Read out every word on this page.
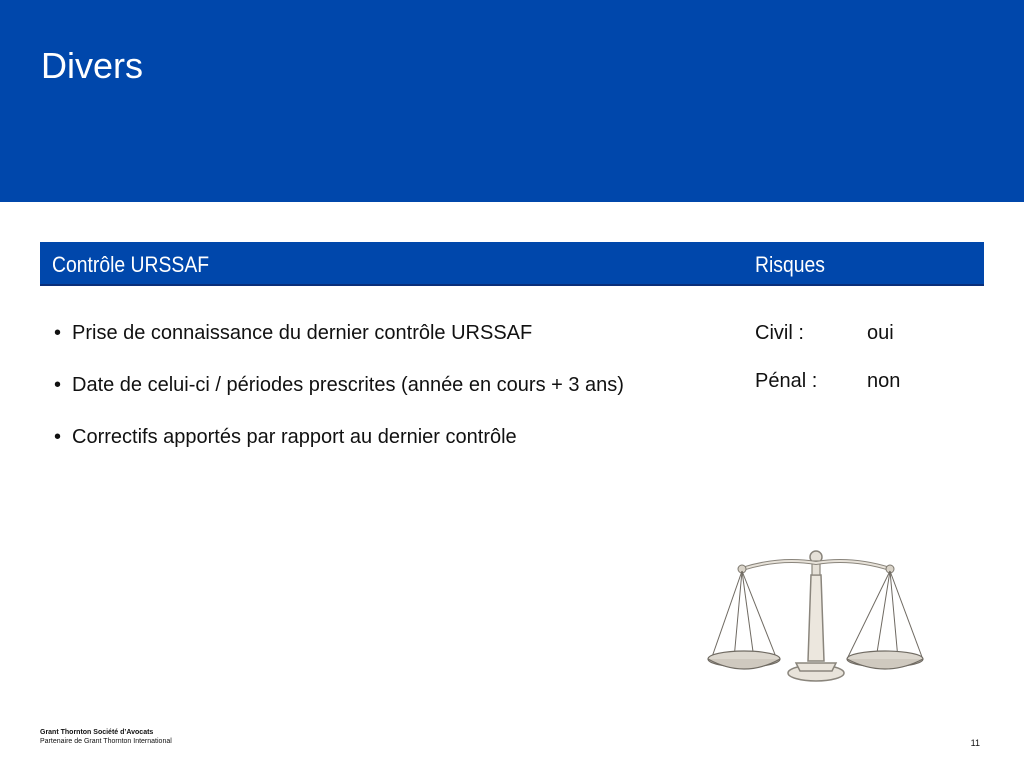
Divers
Contrôle URSSAF	Risques
• Prise de connaissance du dernier contrôle URSSAF
• Date de celui-ci / périodes prescrites (année en cours + 3 ans)
• Correctifs apportés par rapport au dernier contrôle
Civil :	oui
Pénal : non
Grant Thornton Société d’Avocats
Partenaire de Grant Thornton International	11
